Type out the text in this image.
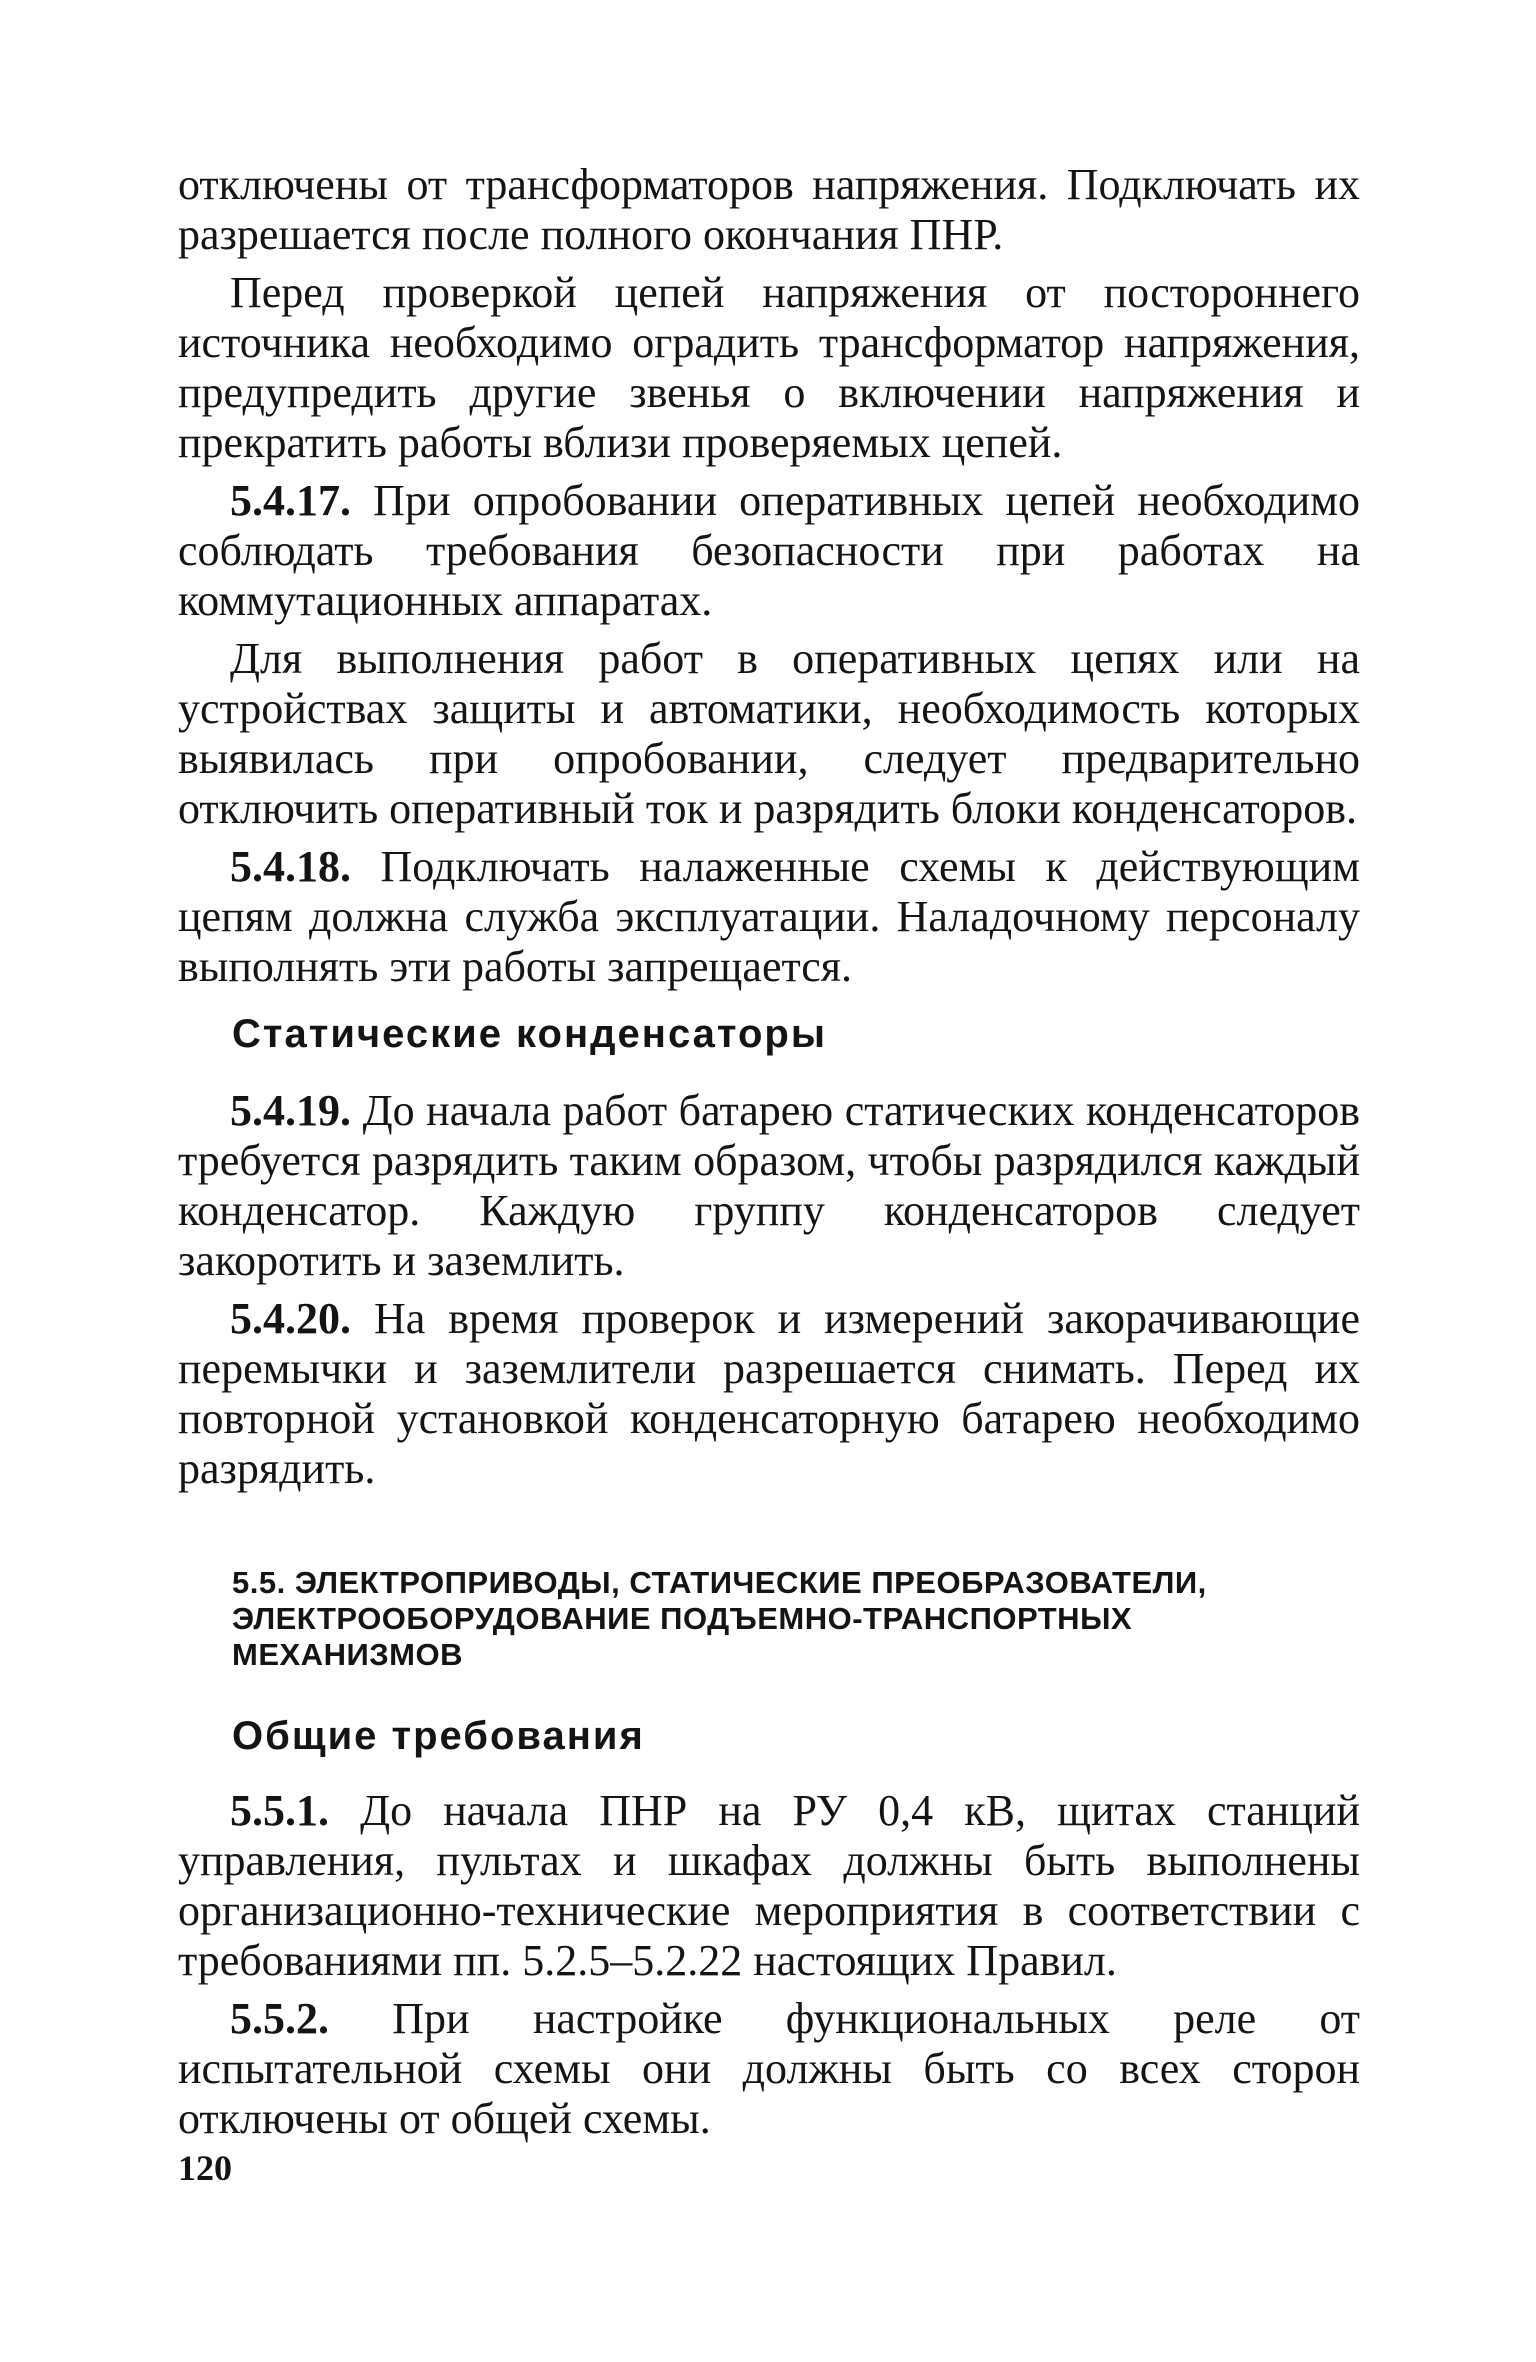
отключены от трансформаторов напряжения. Подключать их разрешается после полного окончания ПНР.

Перед проверкой цепей напряжения от постороннего источника необходимо оградить трансформатор напряжения, предупредить другие звенья о включении напряжения и прекратить работы вблизи проверяемых цепей.

5.4.17. При опробовании оперативных цепей необходимо соблюдать требования безопасности при работах на коммутационных аппаратах.

Для выполнения работ в оперативных цепях или на устройствах защиты и автоматики, необходимость которых выявилась при опробовании, следует предварительно отключить оперативный ток и разрядить блоки конденсаторов.

5.4.18. Подключать налаженные схемы к действующим цепям должна служба эксплуатации. Наладочному персоналу выполнять эти работы запрещается.

Статические конденсаторы

5.4.19. До начала работ батарею статических конденсаторов требуется разрядить таким образом, чтобы разрядился каждый конденсатор. Каждую группу конденсаторов следует закоротить и заземлить.

5.4.20. На время проверок и измерений закорачивающие перемычки и заземлители разрешается снимать. Перед их повторной установкой конденсаторную батарею необходимо разрядить.

5.5. ЭЛЕКТРОПРИВОДЫ, СТАТИЧЕСКИЕ ПРЕОБРАЗОВАТЕЛИ,
ЭЛЕКТРООБОРУДОВАНИЕ ПОДЪЕМНО-ТРАНСПОРТНЫХ
МЕХАНИЗМОВ
Общие требования

5.5.1. До начала ПНР на РУ 0,4 кВ, щитах станций управления, пультах и шкафах должны быть выполнены организационно-технические мероприятия в соответствии с требованиями пп. 5.2.5–5.2.22 настоящих Правил.

5.5.2. При настройке функциональных реле от испытательной схемы они должны быть со всех сторон отключены от общей схемы.

120
